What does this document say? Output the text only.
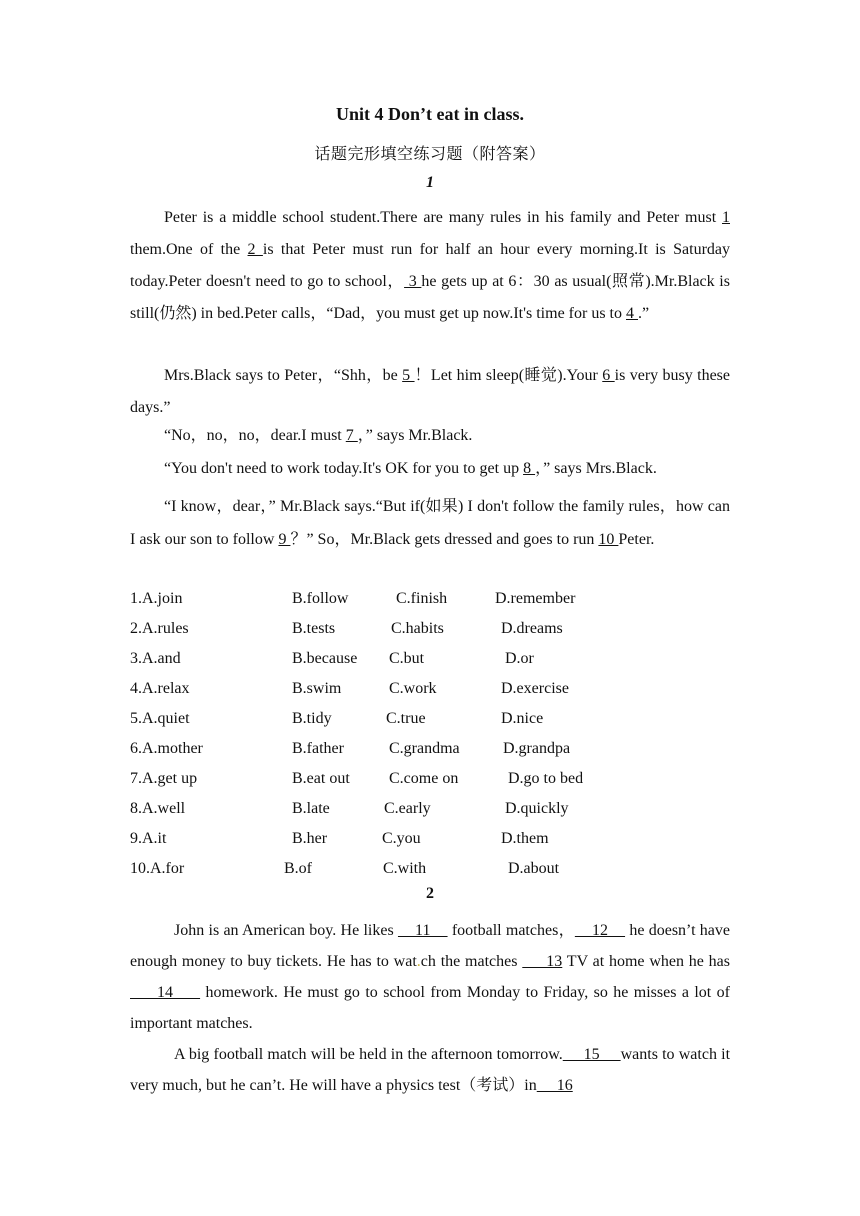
Unit 4 Don’t eat in class.
话题完形填空练习题（附答案）
1
Peter is a middle school student.There are many rules in his family and Peter must 1 them.One of the 2 is that Peter must run for half an hour every morning.It is Saturday today.Peter doesn't need to go to school， 3 he gets up at 6：30 as usual(照常).Mr.Black is still(仍然) in bed.Peter calls，“Dad，you must get up now.It's time for us to 4 .”
Mrs.Black says to Peter，“Shh，be 5 ！Let him sleep(睡觉).Your 6 is very busy these days.”
“No，no，no，dear.I must 7 ，” says Mr.Black.
“You don't need to work today.It's OK for you to get up 8 ，” says Mrs.Black.
“I know，dear，” Mr.Black says.“But if(如果) I don't follow the family rules，how can I ask our son to follow 9 ？” So，Mr.Black gets dressed and goes to run 10 Peter.
1.A.join	B.follow	C.finish	D.remember
2.A.rules	B.tests	C.habits	D.dreams
3.A.and	B.because C.but	D.or
4.A.relax	B.swim	C.work	D.exercise
5.A.quiet	B.tidy	C.true	D.nice
6.A.mother	B.father	C.grandma	D.grandpa
7.A.get up	B.eat out C.come on	D.go to bed
8.A.well	B.late	C.early	D.quickly
9.A.it	B.her	C.you	D.them
10.A.for	B.of	C.with	D.about
2
John is an American boy. He likes     11     football matches，    12     he doesn’t have enough money to buy tickets. He has to wat.ch the matches      13 TV at home when he has      14      homework. He must go to school from Monday to Friday, so he misses a lot of important matches.
A big football match will be held in the afternoon tomorrow.     15     wants to watch it very much, but he can’t. He will have a physics test（考试）in     16
